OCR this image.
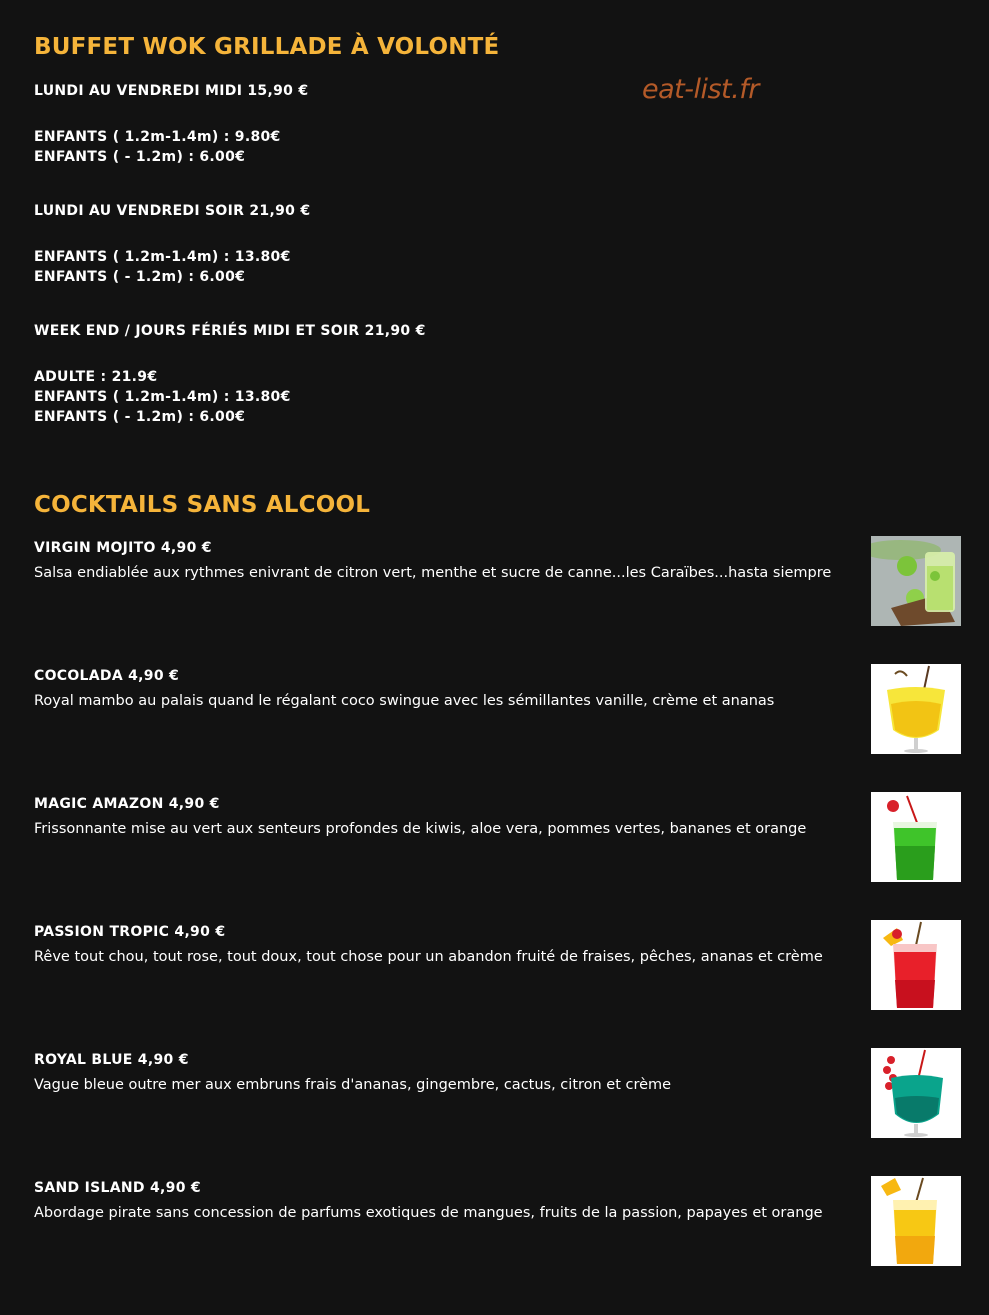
BUFFET WOK GRILLADE À VOLONTÉ
eat-list.fr
LUNDI AU VENDREDI MIDI 15,90 €
ENFANTS ( 1.2m-1.4m) : 9.80€
ENFANTS ( - 1.2m) : 6.00€
LUNDI AU VENDREDI SOIR 21,90 €
ENFANTS ( 1.2m-1.4m) : 13.80€
ENFANTS ( - 1.2m) : 6.00€
WEEK END / JOURS FÉRIÉS MIDI ET SOIR 21,90 €
ADULTE : 21.9€
ENFANTS ( 1.2m-1.4m) : 13.80€
ENFANTS ( - 1.2m) : 6.00€
COCKTAILS SANS ALCOOL
VIRGIN MOJITO 4,90 €
Salsa endiablée aux rythmes enivrant de citron vert, menthe et sucre de canne...les Caraïbes...hasta siempre
COCOLADA 4,90 €
Royal mambo au palais quand le régalant coco swingue avec les sémillantes vanille, crème et ananas
MAGIC AMAZON 4,90 €
Frissonnante mise au vert aux senteurs profondes de kiwis, aloe vera, pommes vertes, bananes et orange
PASSION TROPIC 4,90 €
Rêve tout chou, tout rose, tout doux, tout chose pour un abandon fruité de fraises, pêches, ananas et crème
ROYAL BLUE 4,90 €
Vague bleue outre mer aux embruns frais d'ananas, gingembre, cactus, citron et crème
SAND ISLAND 4,90 €
Abordage pirate sans concession de parfums exotiques de mangues, fruits de la passion, papayes et orange
